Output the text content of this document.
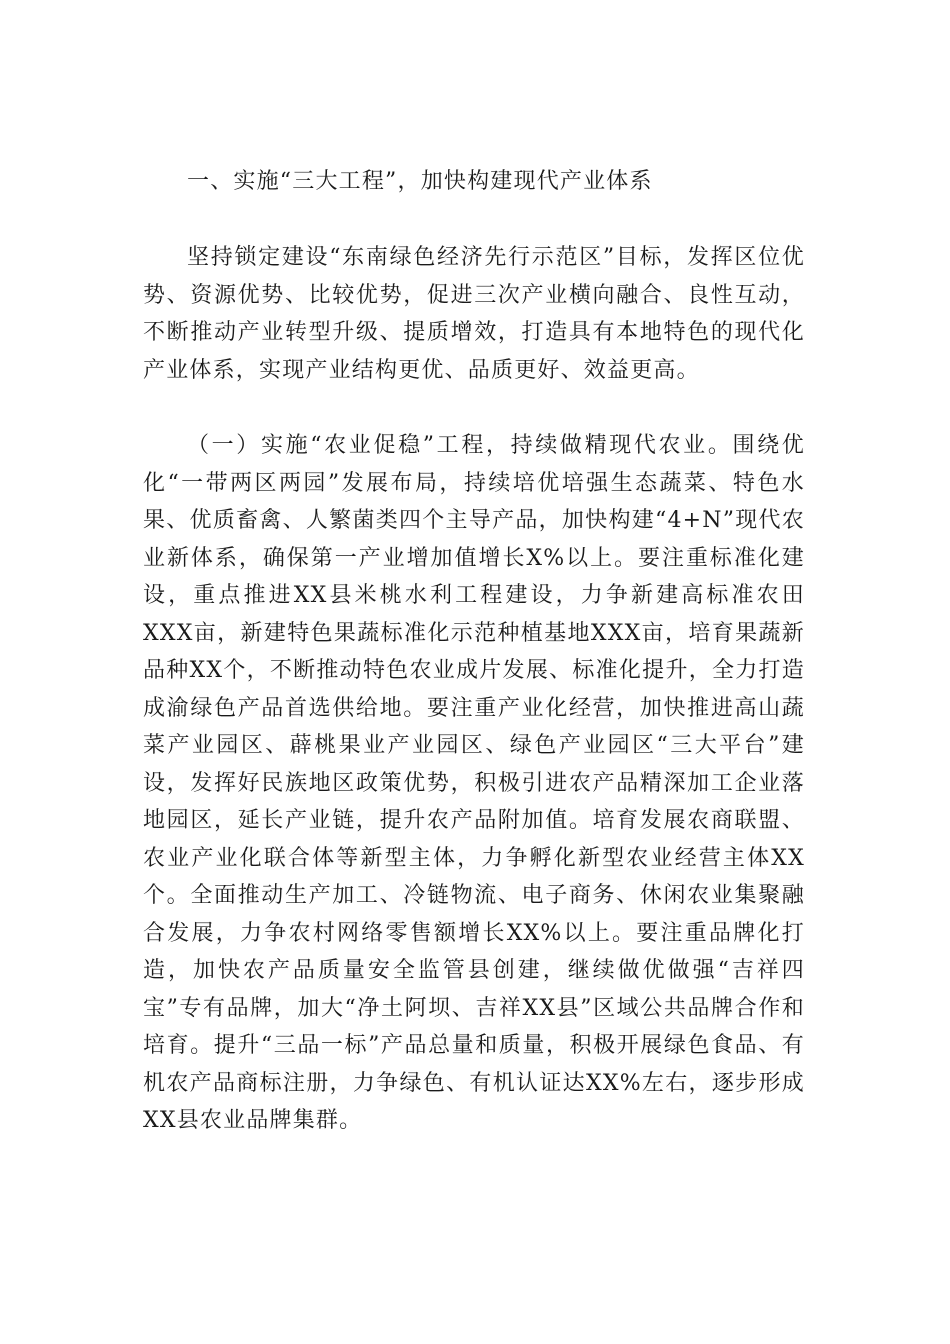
一、实施“三大工程”，加快构建现代产业体系

坚持锁定建设“东南绿色经济先行示范区”目标，发挥区位优势、资源优势、比较优势，促进三次产业横向融合、良性互动，不断推动产业转型升级、提质增效，打造具有本地特色的现代化产业体系，实现产业结构更优、品质更好、效益更高。

（一）实施“农业促稳”工程，持续做精现代农业。围绕优化“一带两区两园”发展布局，持续培优培强生态蔬菜、特色水果、优质畜禽、人繁菌类四个主导产品，加快构建“4+N”现代农业新体系，确保第一产业增加值增长X%以上。要注重标准化建设，重点推进XX县米桃水利工程建设，力争新建高标准农田XXX亩，新建特色果蔬标准化示范种植基地XXX亩，培育果蔬新品种XX个，不断推动特色农业成片发展、标准化提升，全力打造成渝绿色产品首选供给地。要注重产业化经营，加快推进高山蔬菜产业园区、薜桃果业产业园区、绿色产业园区“三大平台”建设，发挥好民族地区政策优势，积极引进农产品精深加工企业落地园区，延长产业链，提升农产品附加值。培育发展农商联盟、农业产业化联合体等新型主体，力争孵化新型农业经营主体XX个。全面推动生产加工、冷链物流、电子商务、休闲农业集聚融合发展，力争农村网络零售额增长XX%以上。要注重品牌化打造，加快农产品质量安全监管县创建，继续做优做强“吉祥四宝”专有品牌，加大“净土阿坝、吉祥XX县”区域公共品牌合作和培育。提升“三品一标”产品总量和质量，积极开展绿色食品、有机农产品商标注册，力争绿色、有机认证达XX%左右，逐步形成XX县农业品牌集群。
